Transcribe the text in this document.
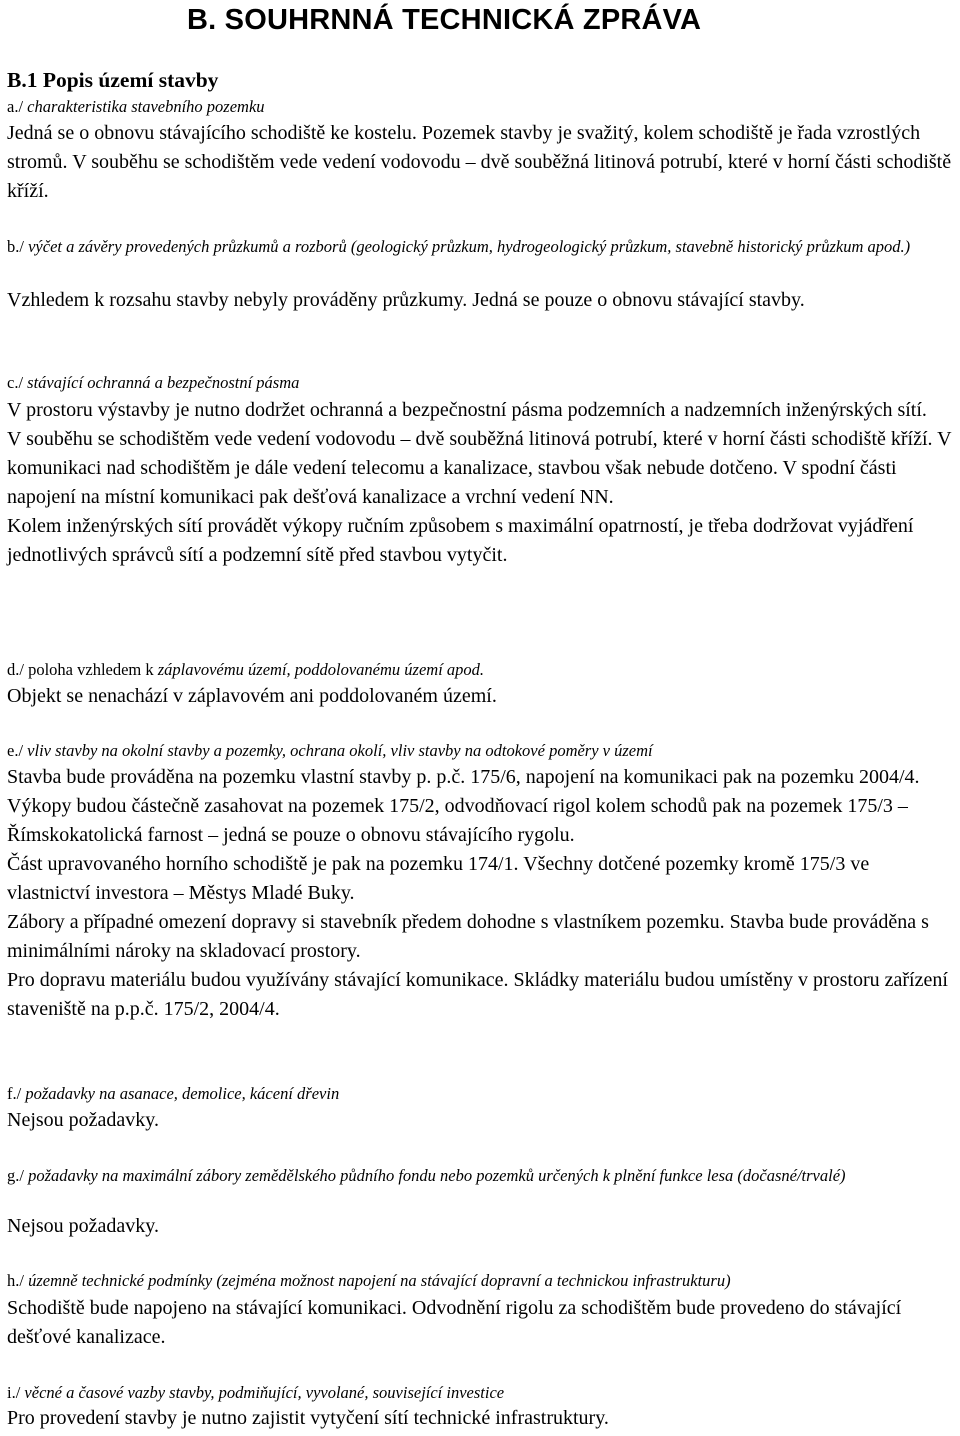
B. SOUHRNNÁ TECHNICKÁ ZPRÁVA
B.1 Popis území stavby
a./ charakteristika stavebního pozemku

Jedná se o obnovu stávajícího schodiště ke kostelu. Pozemek stavby je svažitý, kolem schodiště je řada vzrostlých stromů. V souběhu se schodištěm vede vedení vodovodu – dvě souběžná litinová potrubí, které v horní části schodiště kříží.

b./ výčet a závěry provedených průzkumů a rozborů (geologický průzkum, hydrogeologický průzkum, stavebně historický průzkum apod.)

Vzhledem k rozsahu stavby nebyly prováděny průzkumy. Jedná se pouze o obnovu stávající stavby.

c./ stávající ochranná a bezpečnostní pásma

V prostoru výstavby je nutno dodržet ochranná a bezpečnostní pásma podzemních a nadzemních inženýrských sítí.

V souběhu se schodištěm vede vedení vodovodu – dvě souběžná litinová potrubí, které v horní části schodiště kříží. V komunikaci nad schodištěm je dále vedení telecomu a kanalizace, stavbou však nebude dotčeno. V spodní části napojení na místní komunikaci pak dešťová kanalizace a vrchní vedení NN.

Kolem inženýrských sítí provádět výkopy ručním způsobem s maximální opatrností, je třeba dodržovat vyjádření jednotlivých správců sítí a podzemní sítě před stavbou vytyčit.

d./ poloha vzhledem k záplavovému území, poddolovanému území apod.

Objekt se nenachází v záplavovém ani poddolovaném území.

e./ vliv stavby na okolní stavby a pozemky, ochrana okolí, vliv stavby na odtokové poměry v území

Stavba bude prováděna na pozemku vlastní stavby p. p.č. 175/6, napojení na komunikaci pak na pozemku 2004/4. Výkopy budou částečně zasahovat na pozemek 175/2, odvodňovací rigol kolem schodů pak na pozemek 175/3 – Římskokatolická farnost – jedná se pouze o obnovu stávajícího rygolu.

Část upravovaného horního schodiště je pak na pozemku 174/1. Všechny dotčené pozemky kromě 175/3 ve vlastnictví investora – Městys Mladé Buky.

Zábory a případné omezení dopravy si stavebník předem dohodne s vlastníkem pozemku. Stavba bude prováděna s minimálními nároky na skladovací prostory.

Pro dopravu materiálu budou využívány stávající komunikace. Skládky materiálu budou umístěny v prostoru zařízení staveniště na p.p.č. 175/2, 2004/4.

f./ požadavky na asanace, demolice, kácení dřevin

Nejsou požadavky.

g./ požadavky na maximální zábory zemědělského půdního fondu nebo pozemků určených k plnění funkce lesa (dočasné/trvalé)

Nejsou požadavky.

h./ územně technické podmínky (zejména možnost napojení na stávající dopravní a technickou infrastrukturu)

Schodiště bude napojeno na stávající komunikaci. Odvodnění rigolu za schodištěm bude provedeno do stávající dešťové kanalizace.

i./ věcné a časové vazby stavby, podmiňující, vyvolané, související investice

Pro provedení stavby je nutno zajistit vytyčení sítí technické infrastruktury.
